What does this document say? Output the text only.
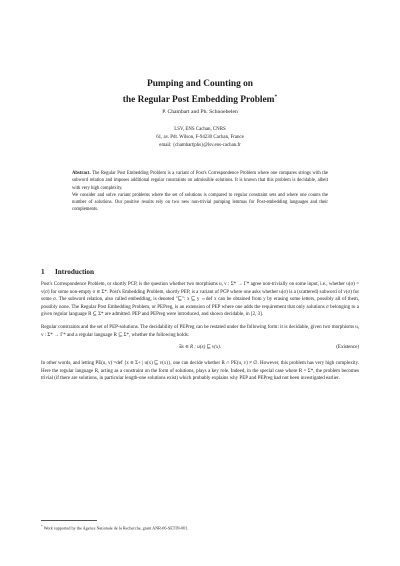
Pumping and Counting on
the Regular Post Embedding Problem*
P. Chambart and Ph. Schnoebelen
LSV, ENS Cachan, CNRS
61, av. Pdt. Wilson, F-94230 Cachan, France
email: {chambart|phs}@lsv.ens-cachan.fr

Abstract. The Regular Post Embedding Problem is a variant of Post's Correspondence Problem where one compares strings with the subword relation and imposes additional regular constraints on admissible solutions. It is known that this problem is decidable, albeit with very high complexity.

We consider and solve variant problems where the set of solutions is compared to regular constraint sets and where one counts the number of solutions. Our positive results rely on two new non-trivial pumping lemmas for Post-embedding languages and their complements.

1 Introduction

Post's Correspondence Problem, or shortly PCP, is the question whether two morphisms u, v : Σ* → Γ* agree non-trivially on some input, i.e., whether u(σ) = v(σ) for some non-empty σ ∈ Σ*. Post's Embedding Problem, shortly PEP, is a variant of PCP where one asks whether u(σ) is a (scattered) subword of v(σ) for some σ. The subword relation, also called embedding, is denoted "⊑": x ⊑ y ⇔def x can be obtained from y by erasing some letters, possibly all of them, possibly none. The Regular Post Embedding Problem, or PEPreg, is an extension of PEP where one adds the requirement that only solutions σ belonging to a given regular language R ⊆ Σ* are admitted. PEP and PEPreg were introduced, and shown decidable, in [2, 3].

Regular constraints and the set of PEP-solutions. The decidability of PEPreg can be restated under the following form: it is decidable, given two morphisms u, v : Σ* → Γ* and a regular language R ⊆ Σ*, whether the following holds:

∃x ∈ R : u(x) ⊑ v(x).	(Existence)

In other words, and letting PE(u, v) =def {x ∈ Σ+ | u(x) ⊑ v(x)}, one can decide whether R ∩ PE(u, v) ≠ ∅. However, this problem has very high complexity. Here the regular language R, acting as a constraint on the form of solutions, plays a key role. Indeed, in the special case where R = Σ*, the problem becomes trivial (if there are solutions, in particular length-one solutions exist) which probably explains why PEP and PEPreg had not been investigated earlier.

* Work supported by the Agence Nationale de la Recherche, grant ANR-06-SETIN-001.
